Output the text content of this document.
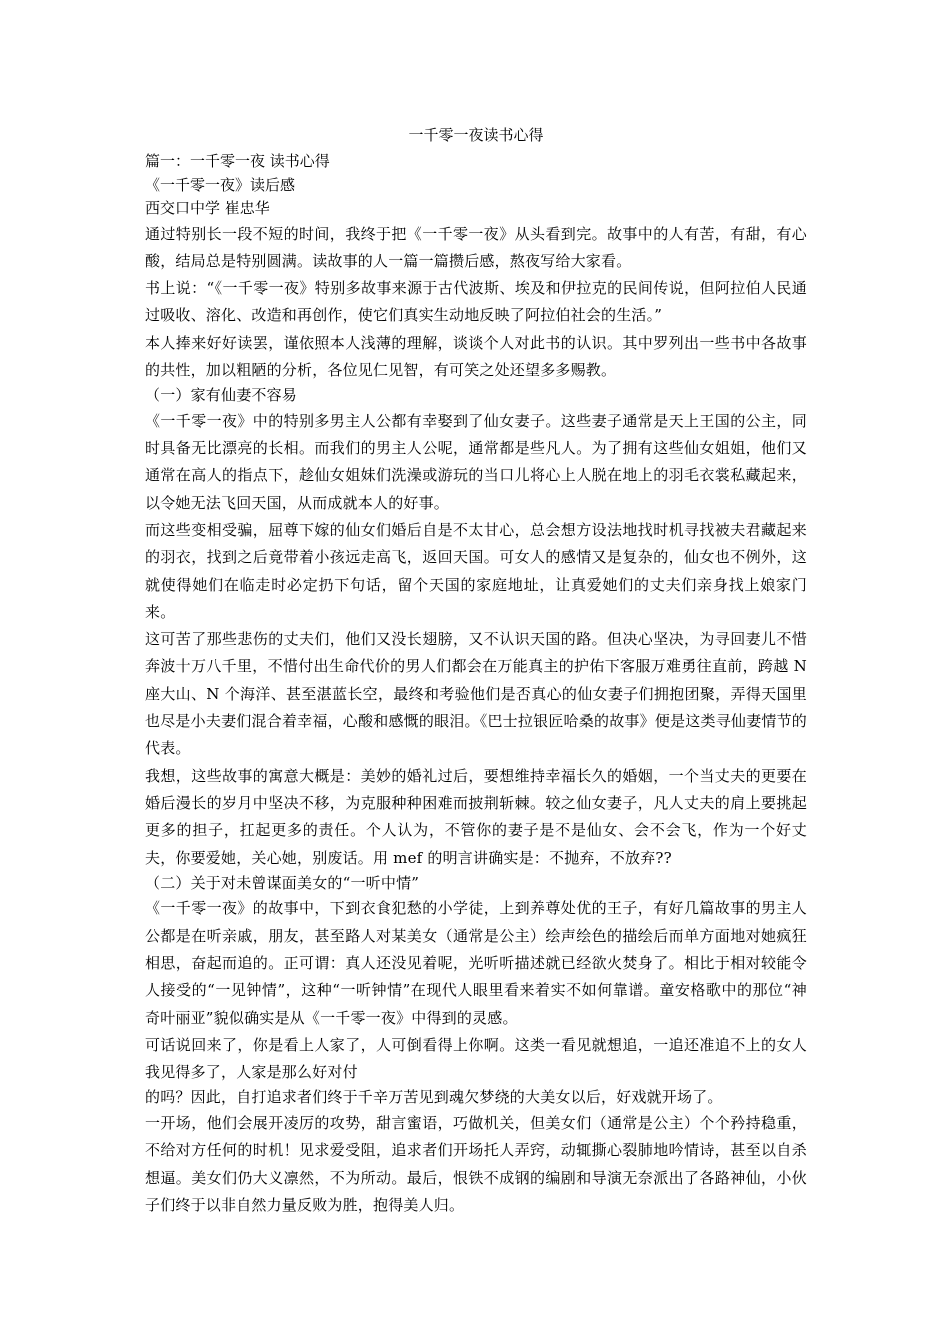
一千零一夜读书心得

篇一：一千零一夜 读书心得

《一千零一夜》读后感

西交口中学 崔忠华

通过特别长一段不短的时间，我终于把《一千零一夜》从头看到完。故事中的人有苦，有甜，有心酸，结局总是特别圆满。读故事的人一篇一篇攒后感，熬夜写给大家看。

书上说：“《一千零一夜》特别多故事来源于古代波斯、埃及和伊拉克的民间传说，但阿拉伯人民通过吸收、溶化、改造和再创作，使它们真实生动地反映了阿拉伯社会的生活。”

本人捧来好好读罢，谨依照本人浅薄的理解，谈谈个人对此书的认识。其中罗列出一些书中各故事的共性，加以粗陋的分析，各位见仁见智，有可笑之处还望多多赐教。

（一）家有仙妻不容易

《一千零一夜》中的特别多男主人公都有幸娶到了仙女妻子。这些妻子通常是天上王国的公主，同时具备无比漂亮的长相。而我们的男主人公呢，通常都是些凡人。为了拥有这些仙女姐姐，他们又通常在高人的指点下，趁仙女姐妹们洗澡或游玩的当口儿将心上人脱在地上的羽毛衣裳私藏起来，以令她无法飞回天国，从而成就本人的好事。

而这些变相受骗，屈尊下嫁的仙女们婚后自是不太甘心，总会想方设法地找时机寻找被夫君藏起来的羽衣，找到之后竟带着小孩远走高飞，返回天国。可女人的感情又是复杂的，仙女也不例外，这就使得她们在临走时必定扔下句话，留个天国的家庭地址，让真爱她们的丈夫们亲身找上娘家门来。

这可苦了那些悲伤的丈夫们，他们又没长翅膀，又不认识天国的路。但决心坚决，为寻回妻儿不惜奔波十万八千里，不惜付出生命代价的男人们都会在万能真主的护佑下客服万难勇往直前，跨越 N 座大山、N 个海洋、甚至湛蓝长空，最终和考验他们是否真心的仙女妻子们拥抱团聚，弄得天国里也尽是小夫妻们混合着幸福，心酸和感慨的眼泪。《巴士拉银匠哈桑的故事》便是这类寻仙妻情节的代表。

我想，这些故事的寓意大概是：美妙的婚礼过后，要想维持幸福长久的婚姻，一个当丈夫的更要在婚后漫长的岁月中坚决不移，为克服种种困难而披荆斩棘。较之仙女妻子，凡人丈夫的肩上要挑起更多的担子，扛起更多的责任。个人认为，不管你的妻子是不是仙女、会不会飞，作为一个好丈夫，你要爱她，关心她，别废话。用 mef 的明言讲确实是：不抛弃，不放弃??

（二）关于对未曾谋面美女的“一听中情”

《一千零一夜》的故事中，下到衣食犯愁的小学徒，上到养尊处优的王子，有好几篇故事的男主人公都是在听亲戚，朋友，甚至路人对某美女（通常是公主）绘声绘色的描绘后而单方面地对她疯狂相思，奋起而追的。正可谓：真人还没见着呢，光听听描述就已经欲火焚身了。相比于相对较能令人接受的“一见钟情”，这种“一听钟情”在现代人眼里看来着实不如何靠谱。童安格歌中的那位“神奇叶丽亚”貌似确实是从《一千零一夜》中得到的灵感。

可话说回来了，你是看上人家了，人可倒看得上你啊。这类一看见就想追，一追还准追不上的女人我见得多了，人家是那么好对付

的吗？因此，自打追求者们终于千辛万苦见到魂欠梦绕的大美女以后，好戏就开场了。

一开场，他们会展开凌厉的攻势，甜言蜜语，巧做机关，但美女们（通常是公主）个个矜持稳重，不给对方任何的时机！见求爱受阻，追求者们开场托人弄窍，动辄撕心裂肺地吟情诗，甚至以自杀想逼。美女们仍大义凛然，不为所动。最后，恨铁不成钢的编剧和导演无奈派出了各路神仙，小伙子们终于以非自然力量反败为胜，抱得美人归。
